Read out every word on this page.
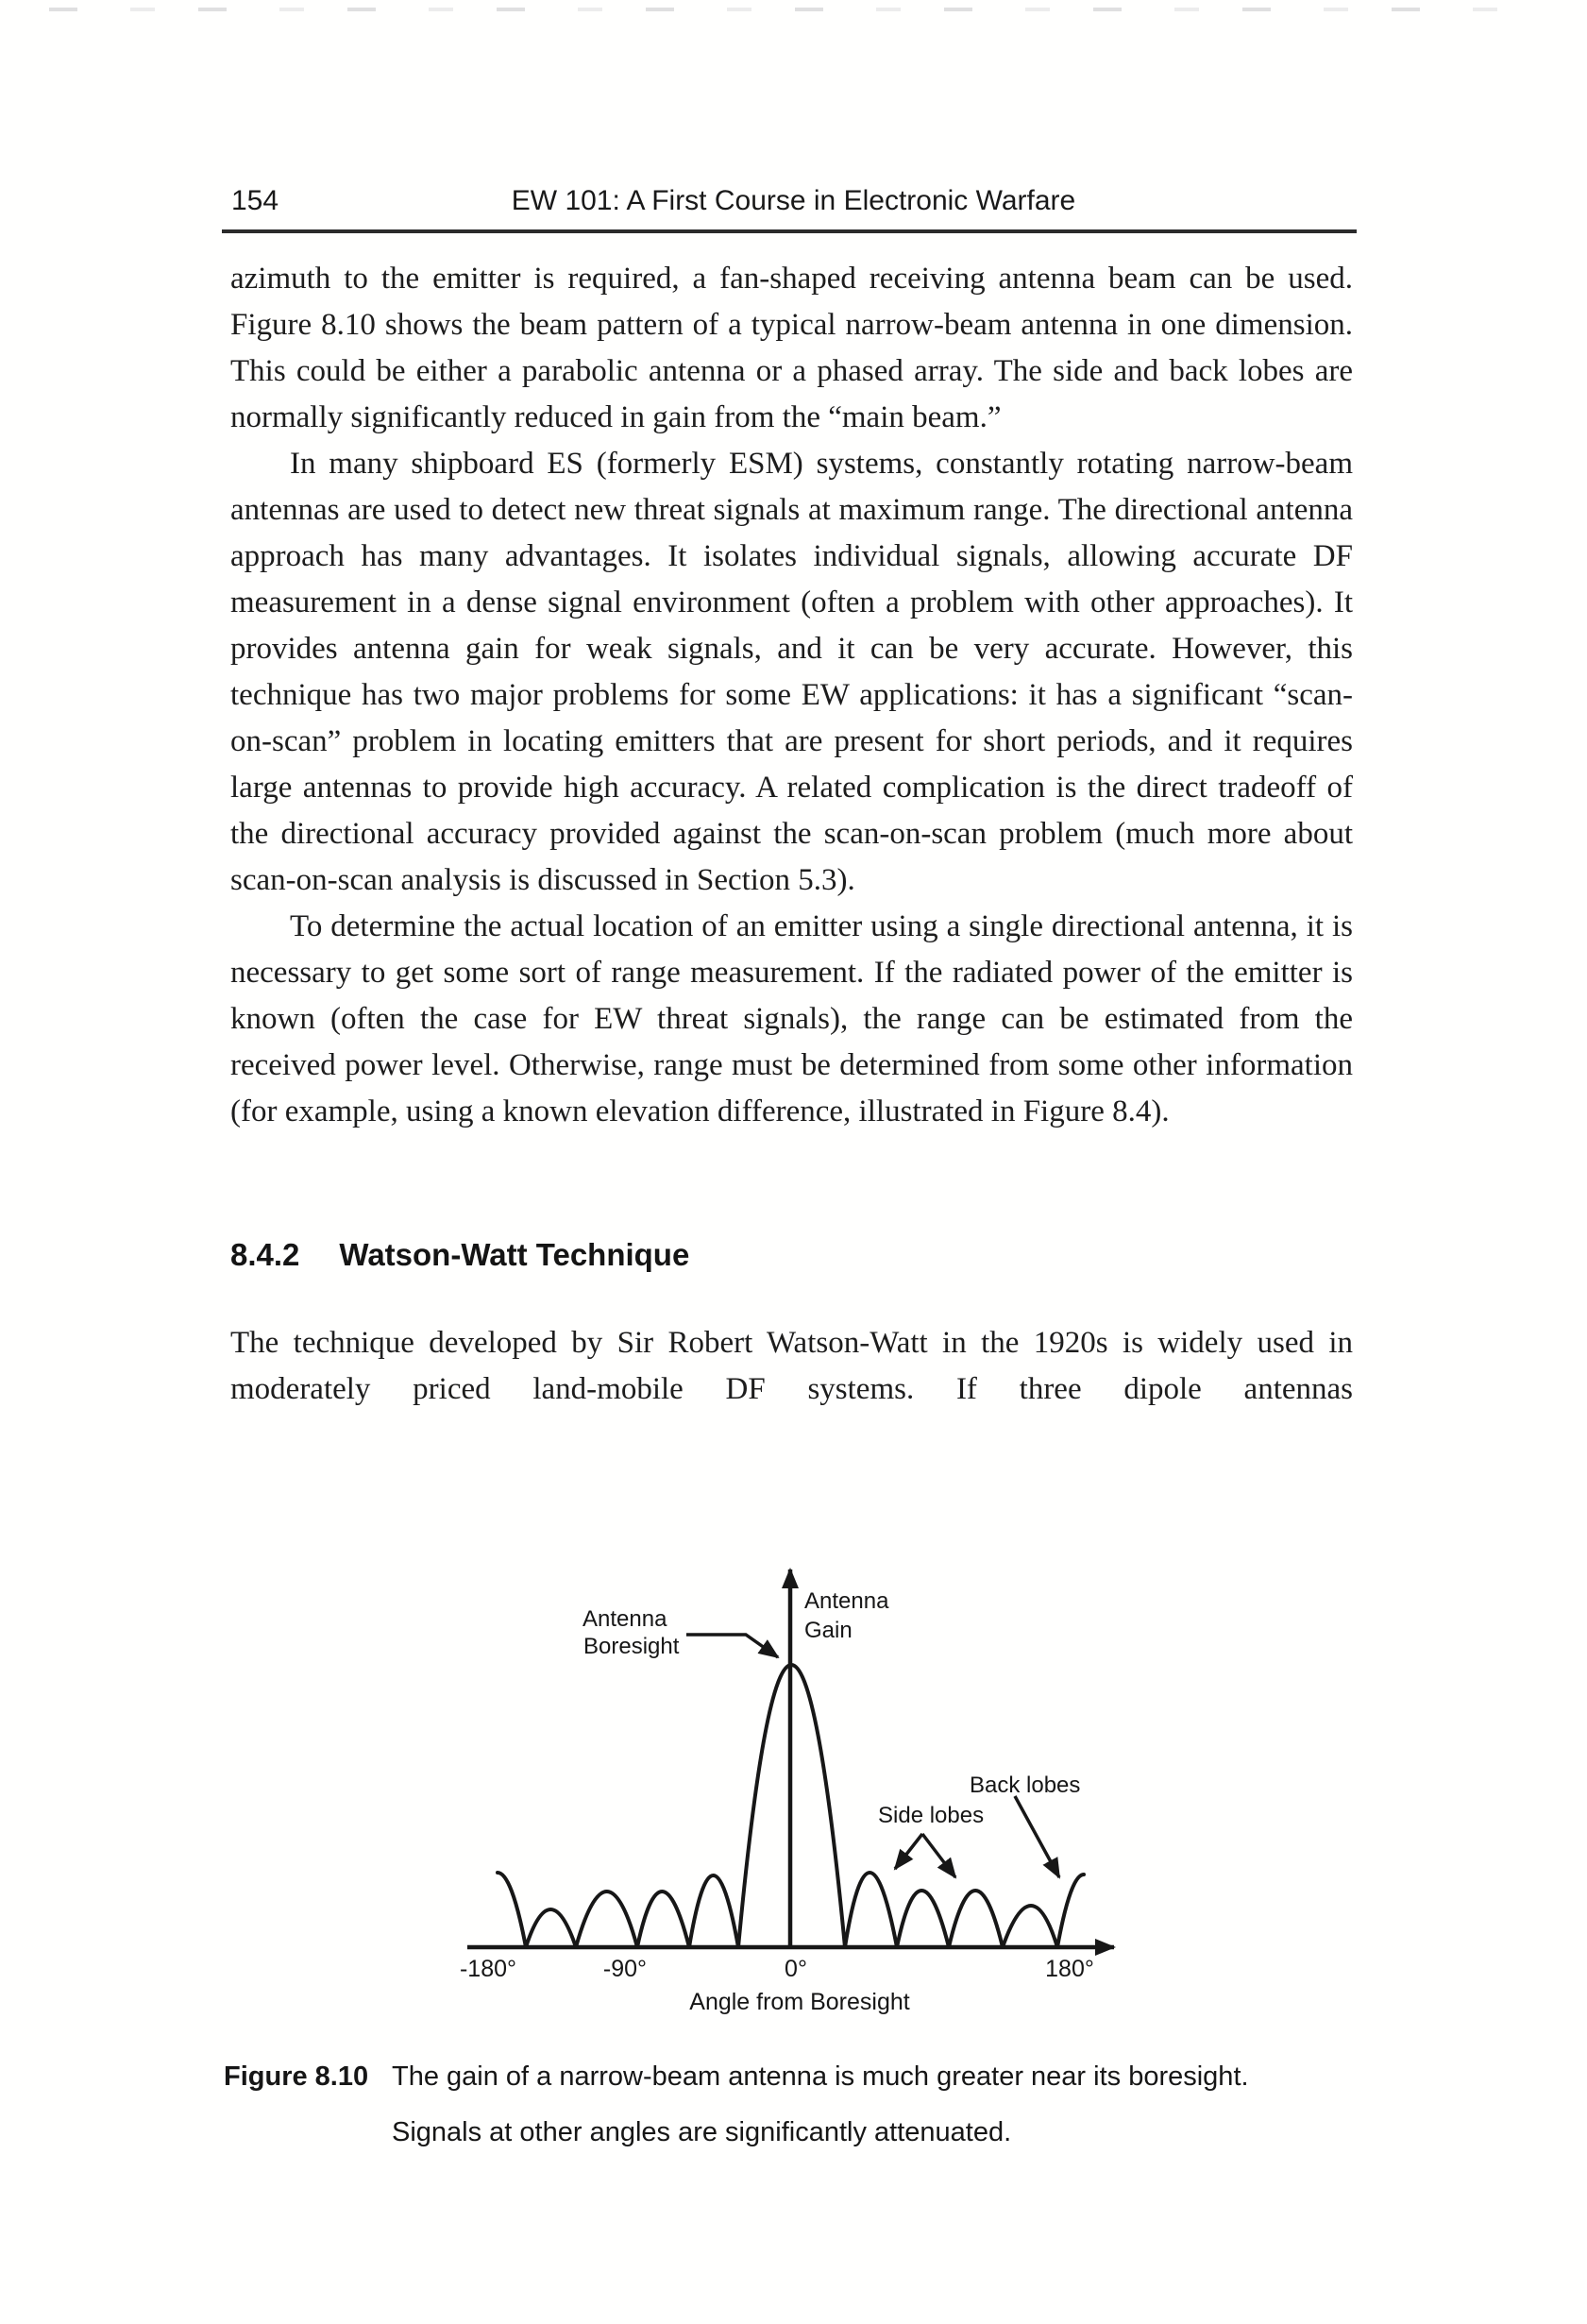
154	EW 101: A First Course in Electronic Warfare

azimuth to the emitter is required, a fan-shaped receiving antenna beam can be used. Figure 8.10 shows the beam pattern of a typical narrow-beam antenna in one dimension. This could be either a parabolic antenna or a phased array. The side and back lobes are normally significantly reduced in gain from the “main beam.”

In many shipboard ES (formerly ESM) systems, constantly rotating narrow-beam antennas are used to detect new threat signals at maximum range. The directional antenna approach has many advantages. It isolates individual signals, allowing accurate DF measurement in a dense signal environment (often a problem with other approaches). It provides antenna gain for weak signals, and it can be very accurate. However, this technique has two major problems for some EW applications: it has a significant “scan-on-scan” problem in locating emitters that are present for short periods, and it requires large antennas to provide high accuracy. A related complication is the direct tradeoff of the directional accuracy provided against the scan-on-scan problem (much more about scan-on-scan analysis is discussed in Section 5.3).

To determine the actual location of an emitter using a single directional antenna, it is necessary to get some sort of range measurement. If the radiated power of the emitter is known (often the case for EW threat signals), the range can be estimated from the received power level. Otherwise, range must be determined from some other information (for example, using a known elevation difference, illustrated in Figure 8.4).

8.4.2 Watson-Watt Technique

The technique developed by Sir Robert Watson-Watt in the 1920s is widely used in moderately priced land-mobile DF systems. If three dipole antennas

Antenna
Gain
Antenna
Boresight
Back lobes
Side lobes
-180°	-90°	0°	180°
Angle from Boresight
Figure 8.10 The gain of a narrow-beam antenna is much greater near its boresight.
Signals at other angles are significantly attenuated.
